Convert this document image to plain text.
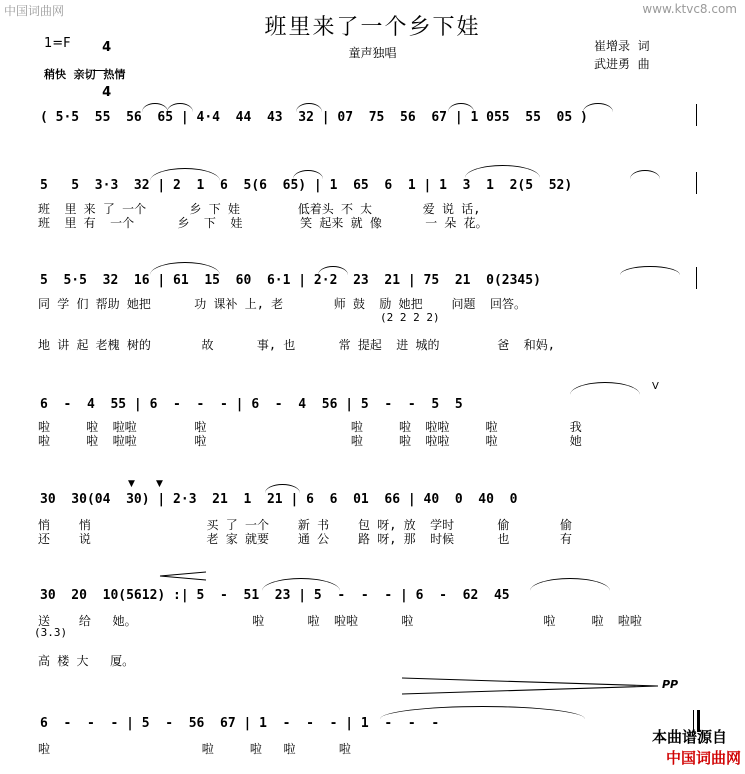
中国词曲网	www.ktvc8.com
班里来了一个乡下娃
童声独唱
1=F	4

4

稍快  亲切  热情
崔增录  词
武进勇  曲
( 5·5  55  56  65 | 4·4  44  43  32 | 07  75  56  67 | 1 055  55  05 )
5   5  3·3  32 | 2  1  6  5(6  65) | 1  65  6  1 | 1  3  1  2(5  52)
班  里 来 了 一个      乡 下 娃        低着头 不 太       爱 说 话,
班  里 有  一个      乡  下  娃        笑 起来 就 像      一 朵 花。
5  5·5  32  16 | 61  15  60  6·1 | 2·2  23  21 | 75  21  0(2345)
同 学 们 帮助 她把      功 课补 上, 老       师 鼓  励 她把    问题  回答。
(2 2 2 2)
地 讲 起 老槐 树的       故      事, 也      常 提起  进 城的        爸  和妈,
V
6  -  4  55 | 6  -  -  - | 6  -  4  56 | 5  -  -  5  5
啦     啦  啦啦        啦                    啦     啦  啦啦     啦          我
啦     啦  啦啦        啦                    啦     啦  啦啦     啦          她
30  30(04  30) | 2·3  21  1  21 | 6  6  01  66 | 40  0  40  0
▼ ▼
悄    悄                买 了 一个    新 书    包 呀, 放  学时      偷       偷
还    说                老 家 就要    通 公    路 呀, 那  时候      也       有
30  20  10(5612) :| 5  -  51  23 | 5  -  -  - | 6  -  62  45
送    给   她。                啦      啦  啦啦      啦                  啦     啦  啦啦
(3.3)
高 楼 大   厦。
PP
6  -  -  - | 5  -  56  67 | 1  -  -  - | 1  -  -  -
啦                     啦     啦   啦      啦

本曲谱源自
中国词曲网
